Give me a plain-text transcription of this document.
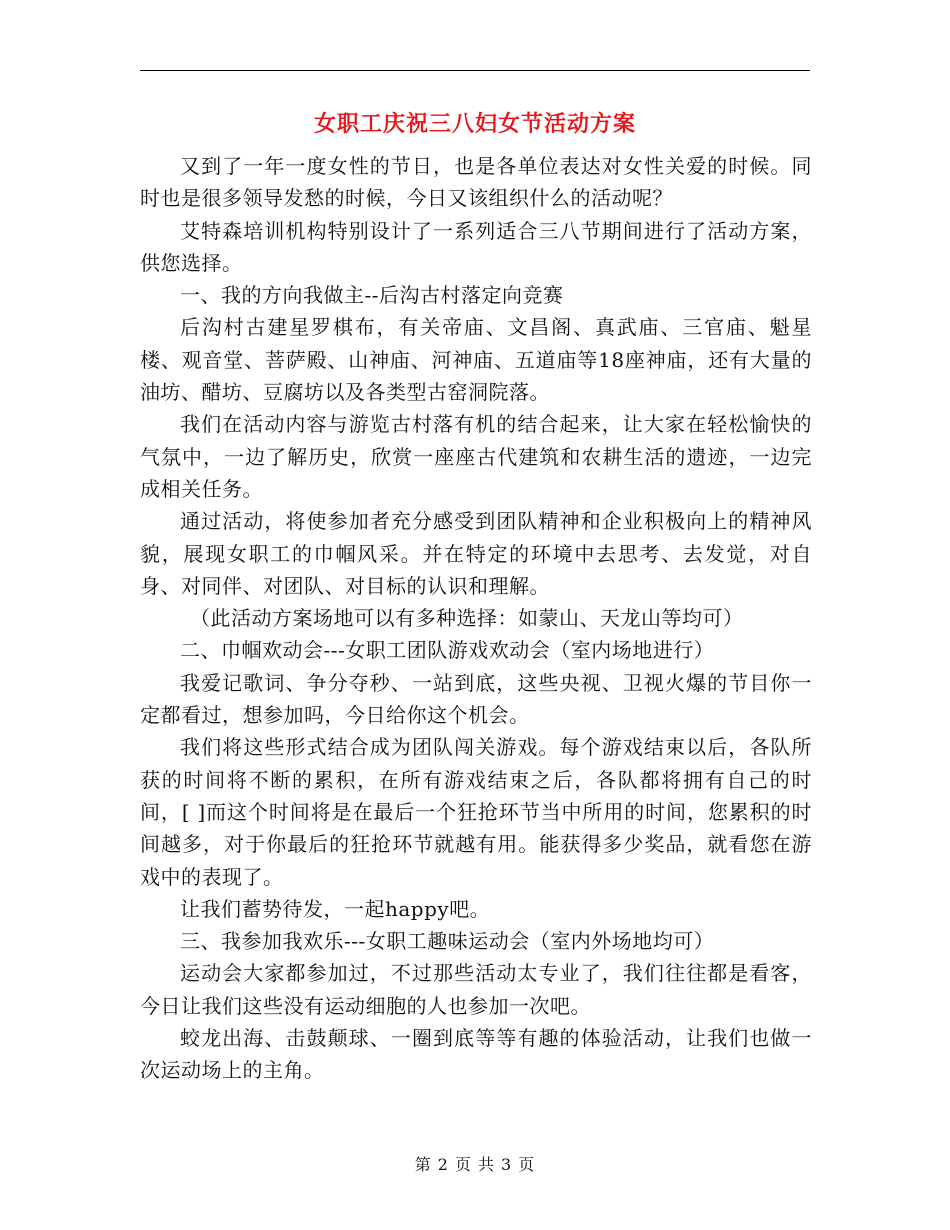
女职工庆祝三八妇女节活动方案

又到了一年一度女性的节日，也是各单位表达对女性关爱的时候。同时也是很多领导发愁的时候，今日又该组织什么的活动呢？

艾特森培训机构特别设计了一系列适合三八节期间进行了活动方案，供您选择。

一、我的方向我做主--后沟古村落定向竞赛

后沟村古建星罗棋布，有关帝庙、文昌阁、真武庙、三官庙、魁星楼、观音堂、菩萨殿、山神庙、河神庙、五道庙等18座神庙，还有大量的油坊、醋坊、豆腐坊以及各类型古窑洞院落。

我们在活动内容与游览古村落有机的结合起来，让大家在轻松愉快的气氛中，一边了解历史，欣赏一座座古代建筑和农耕生活的遗迹，一边完成相关任务。

通过活动，将使参加者充分感受到团队精神和企业积极向上的精神风貌，展现女职工的巾帼风采。并在特定的环境中去思考、去发觉，对自身、对同伴、对团队、对目标的认识和理解。

（此活动方案场地可以有多种选择：如蒙山、天龙山等均可）

二、巾帼欢动会---女职工团队游戏欢动会（室内场地进行）

我爱记歌词、争分夺秒、一站到底，这些央视、卫视火爆的节目你一定都看过，想参加吗，今日给你这个机会。

我们将这些形式结合成为团队闯关游戏。每个游戏结束以后，各队所获的时间将不断的累积，在所有游戏结束之后，各队都将拥有自己的时间，[ ]而这个时间将是在最后一个狂抢环节当中所用的时间，您累积的时间越多，对于你最后的狂抢环节就越有用。能获得多少奖品，就看您在游戏中的表现了。

让我们蓄势待发，一起happy吧。

三、我参加我欢乐---女职工趣味运动会（室内外场地均可）

运动会大家都参加过，不过那些活动太专业了，我们往往都是看客，今日让我们这些没有运动细胞的人也参加一次吧。

蛟龙出海、击鼓颠球、一圈到底等等有趣的体验活动，让我们也做一次运动场上的主角。

第 2 页 共 3 页
